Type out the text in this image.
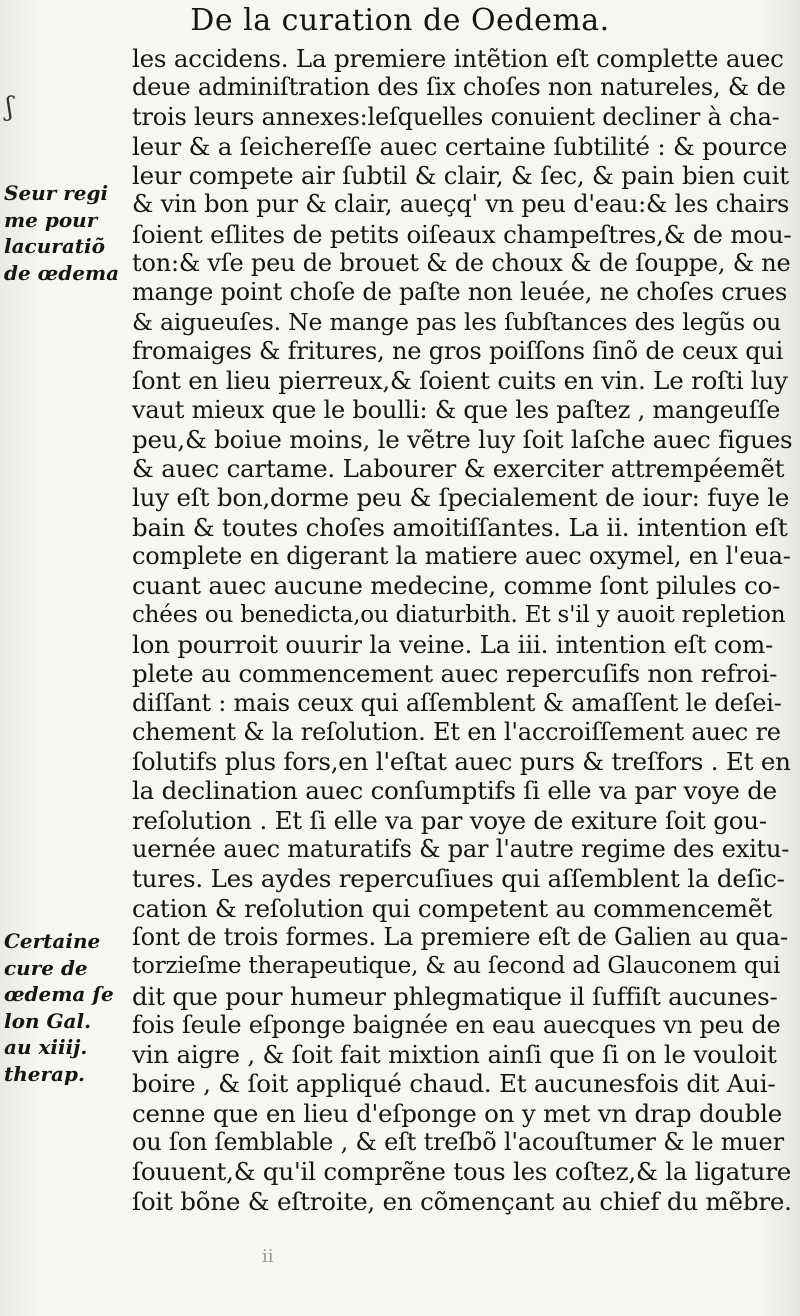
De la curation de Oedema.
ʃ
Seur regi
me pour
lacuratiõ
de œdema
Certaine
cure de
œdema ſe
lon Gal.
au xiiij.
therap.
les accidens. La premiere intẽtion eſt complette auec
deue adminiſtration des ſix choſes non natureles, & de
trois leurs annexes:leſquelles conuient decliner à cha-
leur & a ſeichereſſe auec certaine ſubtilité : & pource
leur compete air ſubtil & clair, & ſec, & pain bien cuit
& vin bon pur & clair, aueçq' vn peu d'eau:& les chairs
ſoient eſlites de petits oiſeaux champeſtres,& de mou-
ton:& vſe peu de brouet & de choux & de ſouppe, & ne
mange point choſe de paſte non leuée, ne choſes crues
& aigueuſes. Ne mange pas les ſubſtances des legũs ou
fromaiges & fritures, ne gros poiſſons ſinõ de ceux qui
ſont en lieu pierreux,& ſoient cuits en vin. Le roſti luy
vaut mieux que le boulli: & que les paſtez , mangeuſſe
peu,& boiue moins, le vẽtre luy ſoit laſche auec figues
& auec cartame. Labourer & exerciter attrempéemẽt
luy eſt bon,dorme peu & ſpecialement de iour: fuye le
bain & toutes choſes amoitiſſantes. La ii. intention eſt
complete en digerant la matiere auec oxymel, en l'eua-
cuant auec aucune medecine, comme ſont pilules co-
chées ou benedicta,ou diaturbith. Et s'il y auoit repletion
lon pourroit ouurir la veine. La iii. intention eſt com-
plete au commencement auec repercuſifs non refroi-
diſſant : mais ceux qui aſſemblent & amaſſent le deſei-
chement & la reſolution. Et en l'accroiſſement auec re
ſolutifs plus fors,en l'eſtat auec purs & treſfors . Et en
la declination auec conſumptifs ſi elle va par voye de
reſolution . Et ſi elle va par voye de exiture ſoit gou-
uernée auec maturatifs & par l'autre regime des exitu-
tures. Les aydes repercuſiues qui aſſemblent la deſic-
cation & reſolution qui competent au commencemẽt
ſont de trois formes. La premiere eſt de Galien au qua-
torzieſme therapeutique, & au ſecond ad Glauconem qui
dit que pour humeur phlegmatique il ſuffiſt aucunes-
fois ſeule eſponge baignée en eau auecques vn peu de
vin aigre , & ſoit fait mixtion ainſi que ſi on le vouloit
boire , & ſoit appliqué chaud. Et aucunesfois dit Aui-
cenne que en lieu d'eſponge on y met vn drap double
ou ſon ſemblable , & eſt treſbõ l'acouſtumer & le muer
ſouuent,& qu'il comprẽne tous les coſtez,& la ligature
ſoit bõne & eſtroite, en cõmençant au chief du mẽbre.
ii
